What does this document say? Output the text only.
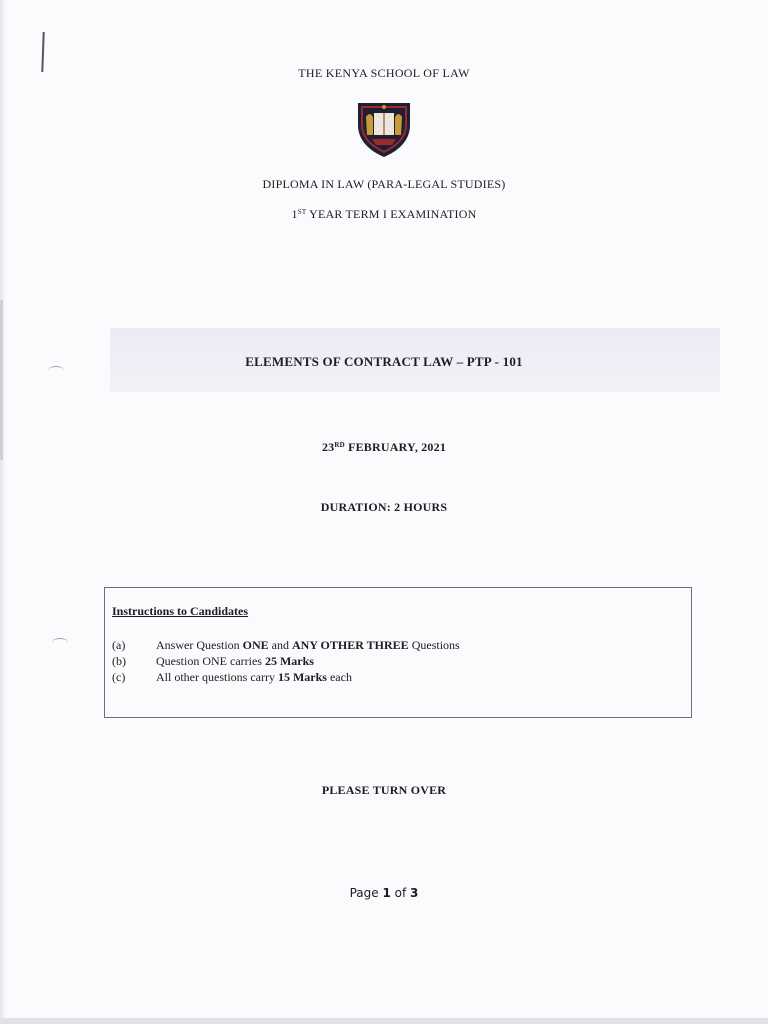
THE KENYA SCHOOL OF LAW
DIPLOMA IN LAW (PARA-LEGAL STUDIES)
1ST YEAR TERM I EXAMINATION
ELEMENTS OF CONTRACT LAW – PTP - 101
23RD FEBRUARY, 2021
DURATION: 2 HOURS
Instructions to Candidates
(a)	Answer Question ONE and ANY OTHER THREE Questions
(b)	Question ONE carries 25 Marks
(c)	All other questions carry 15 Marks each
PLEASE TURN OVER
Page 1 of 3
